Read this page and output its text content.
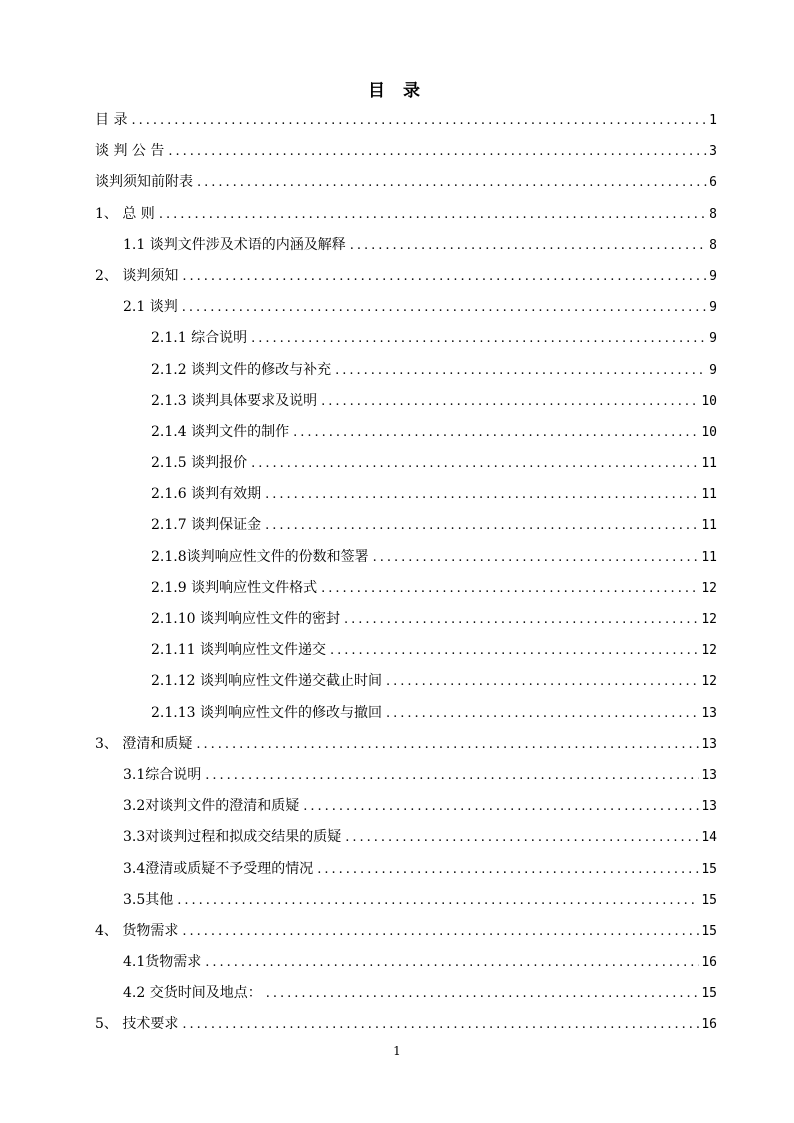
目 录
目 录 .....	1
谈 判 公 告 .....	3
谈判须知前附表 .....	6
1、 总 则 .....	8
1.1 谈判文件涉及术语的内涵及解释 .....	8
2、 谈判须知 .....	9
2.1 谈判 .....	9
2.1.1 综合说明 .....	9
2.1.2 谈判文件的修改与补充 .....	9
2.1.3 谈判具体要求及说明 .....	10
2.1.4 谈判文件的制作 .....	10
2.1.5 谈判报价 .....	11
2.1.6 谈判有效期 .....	11
2.1.7 谈判保证金 .....	11
2.1.8谈判响应性文件的份数和签署 .....	11
2.1.9 谈判响应性文件格式 .....	12
2.1.10 谈判响应性文件的密封 .....	12
2.1.11 谈判响应性文件递交 .....	12
2.1.12 谈判响应性文件递交截止时间 .....	12
2.1.13 谈判响应性文件的修改与撤回 .....	13
3、 澄清和质疑 .....	13
3.1综合说明 .....	13
3.2对谈判文件的澄清和质疑 .....	13
3.3对谈判过程和拟成交结果的质疑 .....	14
3.4澄清或质疑不予受理的情况 .....	15
3.5其他 .....	15
4、 货物需求 .....	15
4.1货物需求 .....	16
4.2 交货时间及地点： .....	15
5、 技术要求 .....	16
1
